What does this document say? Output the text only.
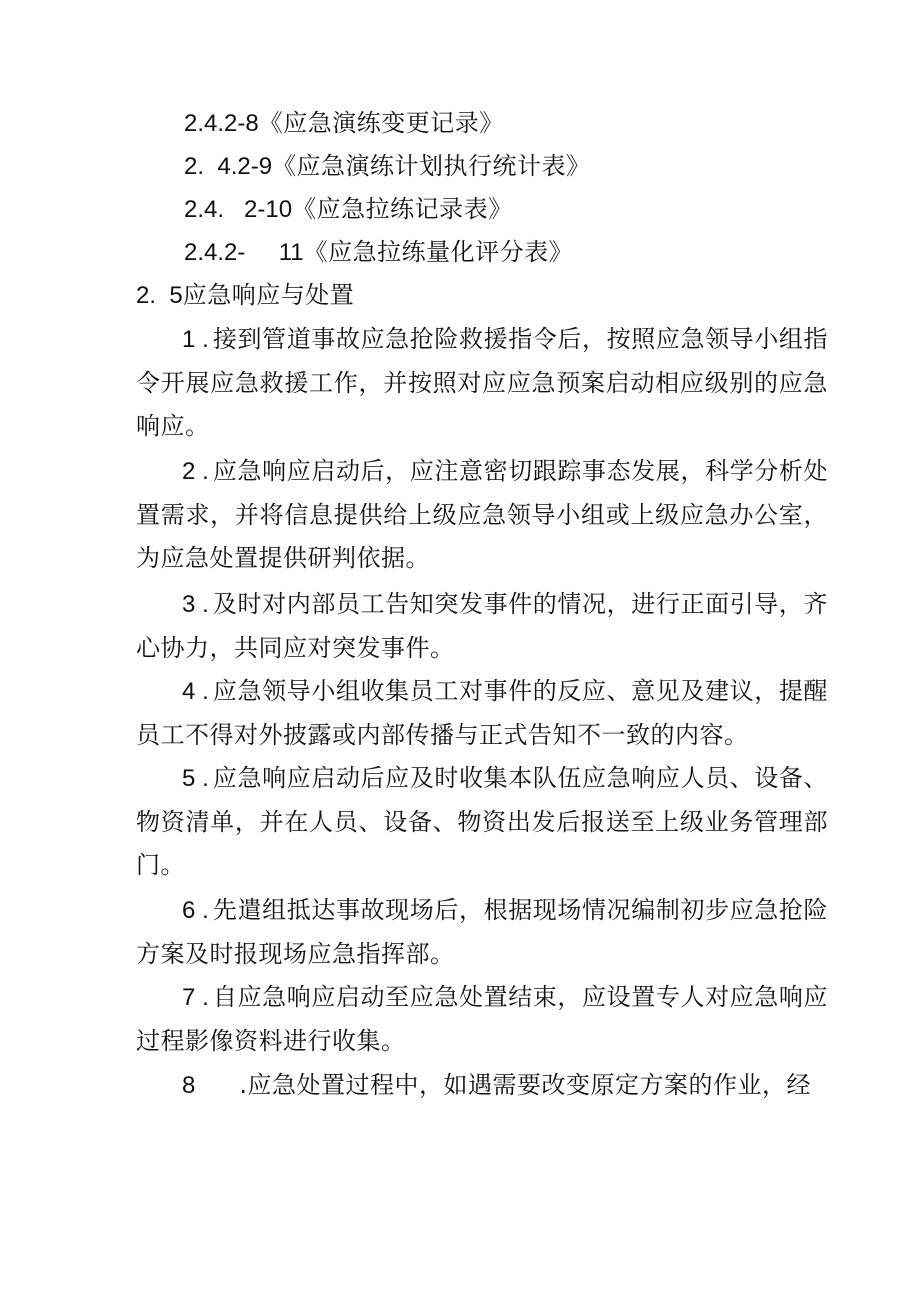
2.4.2-8《应急演练变更记录》
2.  4.2-9《应急演练计划执行统计表》
2.4.   2-10《应急拉练记录表》
2.4.2-     11《应急拉练量化评分表》
2.  5应急响应与处置
1 . 接到管道事故应急抢险救援指令后，按照应急领导小组指令开展应急救援工作，并按照对应应急预案启动相应级别的应急响应。
2 . 应急响应启动后，应注意密切跟踪事态发展，科学分析处置需求，并将信息提供给上级应急领导小组或上级应急办公室，为应急处置提供研判依据。
3 . 及时对内部员工告知突发事件的情况，进行正面引导，齐心协力，共同应对突发事件。
4 . 应急领导小组收集员工对事件的反应、意见及建议，提醒员工不得对外披露或内部传播与正式告知不一致的内容。
5 . 应急响应启动后应及时收集本队伍应急响应人员、设备、物资清单，并在人员、设备、物资出发后报送至上级业务管理部门。
6 . 先遣组抵达事故现场后，根据现场情况编制初步应急抢险方案及时报现场应急指挥部。
7 . 自应急响应启动至应急处置结束，应设置专人对应急响应过程影像资料进行收集。
8 .应急处置过程中，如遇需要改变原定方案的作业，经
